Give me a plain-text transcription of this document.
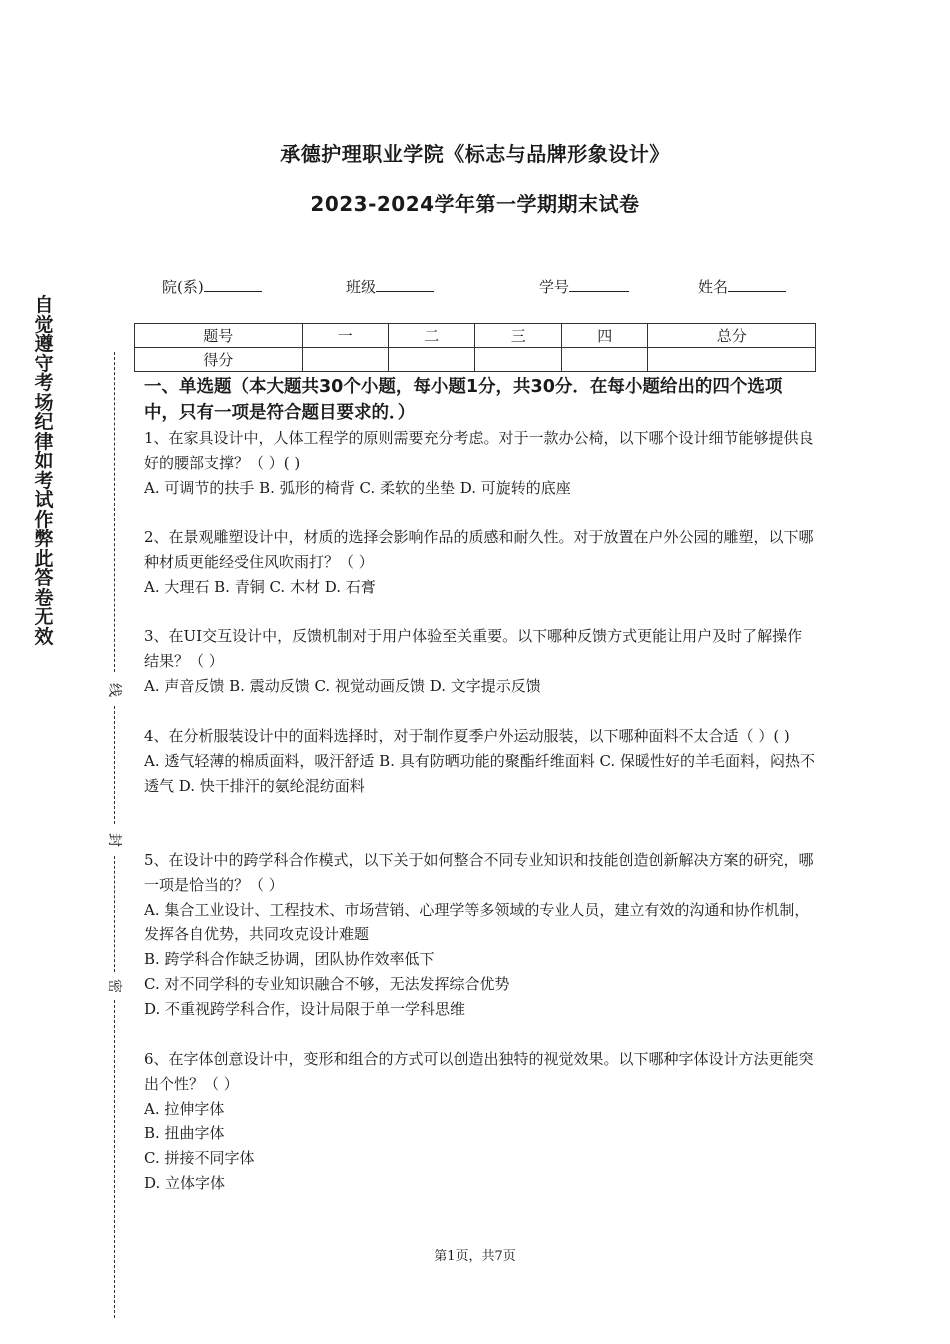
承德护理职业学院《标志与品牌形象设计》
2023-2024学年第一学期期末试卷
院(系)	班级	学号	姓名
题号	一	二	三	四	总分
得分					
自
觉
遵
守
考
场
纪
律
如
考
试
作
弊
此
答
卷
无
效
线
封
密
一、单选题（本大题共30个小题，每小题1分，共30分．在每小题给出的四个选项中，只有一项是符合题目要求的．）
1、在家具设计中，人体工程学的原则需要充分考虑。对于一款办公椅，以下哪个设计细节能够提供良好的腰部支撑？（ ）( )
A. 可调节的扶手 B. 弧形的椅背 C. 柔软的坐垫 D. 可旋转的底座
2、在景观雕塑设计中，材质的选择会影响作品的质感和耐久性。对于放置在户外公园的雕塑，以下哪种材质更能经受住风吹雨打？（ ）
A. 大理石 B. 青铜 C. 木材 D. 石膏
3、在UI交互设计中，反馈机制对于用户体验至关重要。以下哪种反馈方式更能让用户及时了解操作结果？（ ）
A. 声音反馈 B. 震动反馈 C. 视觉动画反馈 D. 文字提示反馈
4、在分析服装设计中的面料选择时，对于制作夏季户外运动服装，以下哪种面料不太合适（ ）( )
A. 透气轻薄的棉质面料，吸汗舒适 B. 具有防晒功能的聚酯纤维面料 C. 保暖性好的羊毛面料，闷热不透气 D. 快干排汗的氨纶混纺面料
5、在设计中的跨学科合作模式，以下关于如何整合不同专业知识和技能创造创新解决方案的研究，哪一项是恰当的？（ ）
A. 集合工业设计、工程技术、市场营销、心理学等多领域的专业人员，建立有效的沟通和协作机制，发挥各自优势，共同攻克设计难题
B. 跨学科合作缺乏协调，团队协作效率低下
C. 对不同学科的专业知识融合不够，无法发挥综合优势
D. 不重视跨学科合作，设计局限于单一学科思维
6、在字体创意设计中，变形和组合的方式可以创造出独特的视觉效果。以下哪种字体设计方法更能突出个性？（ ）
A. 拉伸字体
B. 扭曲字体
C. 拼接不同字体
D. 立体字体
第1页，共7页
